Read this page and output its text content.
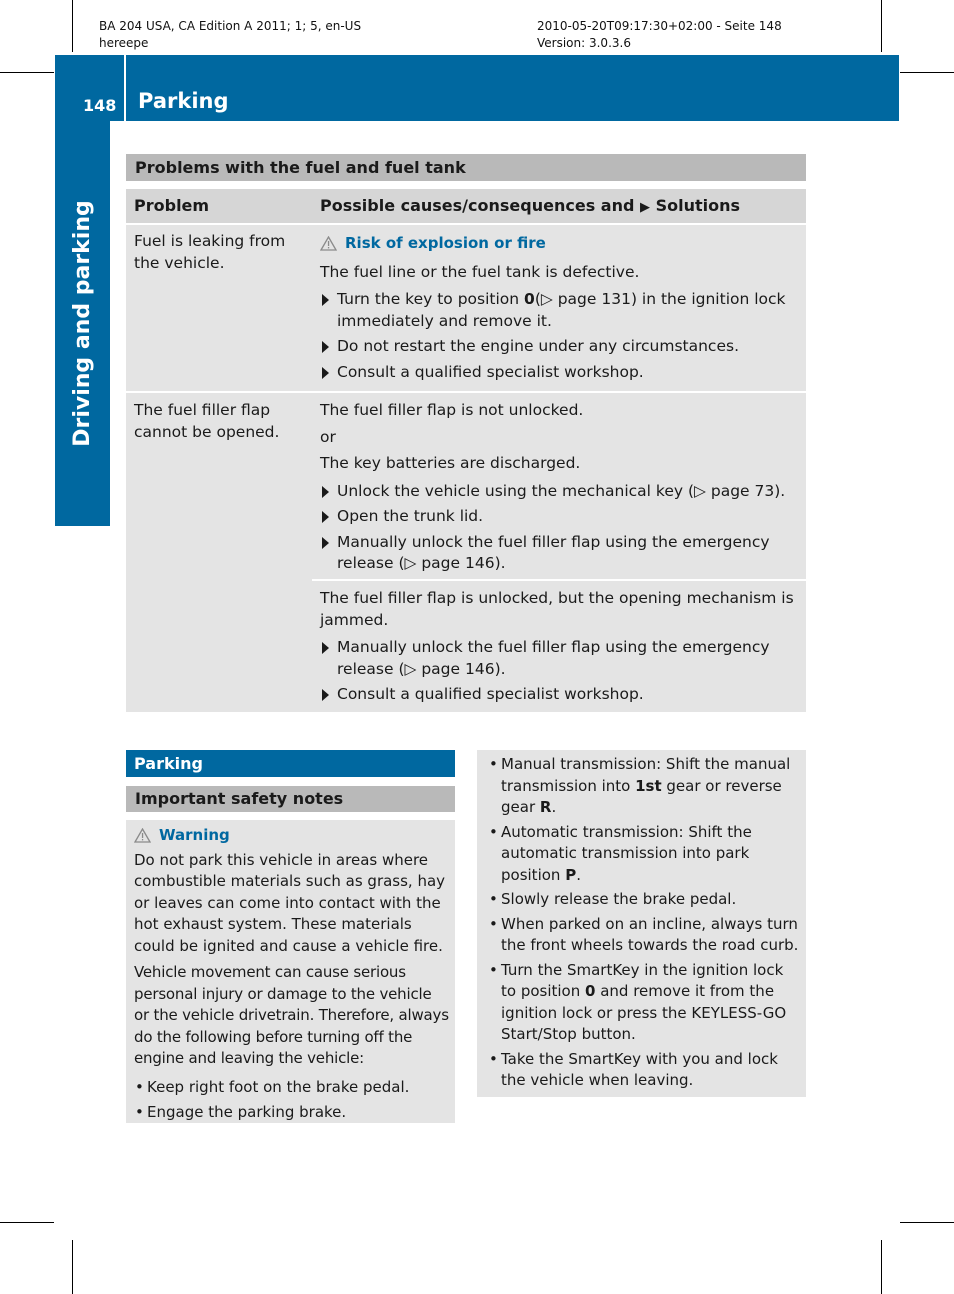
BA 204 USA, CA Edition A 2011; 1; 5, en-US
hereepe
2010-05-20T09:17:30+02:00 - Seite 148
Version: 3.0.3.6
148 Parking
Driving and parking
Problems with the fuel and fuel tank
Problem	Possible causes/consequences and ▶ Solutions

Fuel is leaking from the vehicle.

Risk of explosion or fire

The fuel line or the fuel tank is defective.

Turn the key to position 0(▷ page 131) in the ignition lock immediately and remove it.
Do not restart the engine under any circumstances.
Consult a qualified specialist workshop.

The fuel filler flap cannot be opened.

The fuel filler flap is not unlocked.

or

The key batteries are discharged.

Unlock the vehicle using the mechanical key (▷ page 73).
Open the trunk lid.
Manually unlock the fuel filler flap using the emergency release (▷ page 146).

The fuel filler flap is unlocked, but the opening mechanism is jammed.

Manually unlock the fuel filler flap using the emergency release (▷ page 146).
Consult a qualified specialist workshop.
Parking
Important safety notes
Warning

Do not park this vehicle in areas where combustible materials such as grass, hay or leaves can come into contact with the hot exhaust system. These materials could be ignited and cause a vehicle fire.

Vehicle movement can cause serious personal injury or damage to the vehicle or the vehicle drivetrain. Therefore, always do the following before turning off the engine and leaving the vehicle:

• Keep right foot on the brake pedal.
• Engage the parking brake.
• Manual transmission: Shift the manual transmission into 1st gear or reverse gear R.
• Automatic transmission: Shift the automatic transmission into park position P.
• Slowly release the brake pedal.
• When parked on an incline, always turn the front wheels towards the road curb.
• Turn the SmartKey in the ignition lock to position 0 and remove it from the ignition lock or press the KEYLESS-GO Start/Stop button.
• Take the SmartKey with you and lock the vehicle when leaving.
